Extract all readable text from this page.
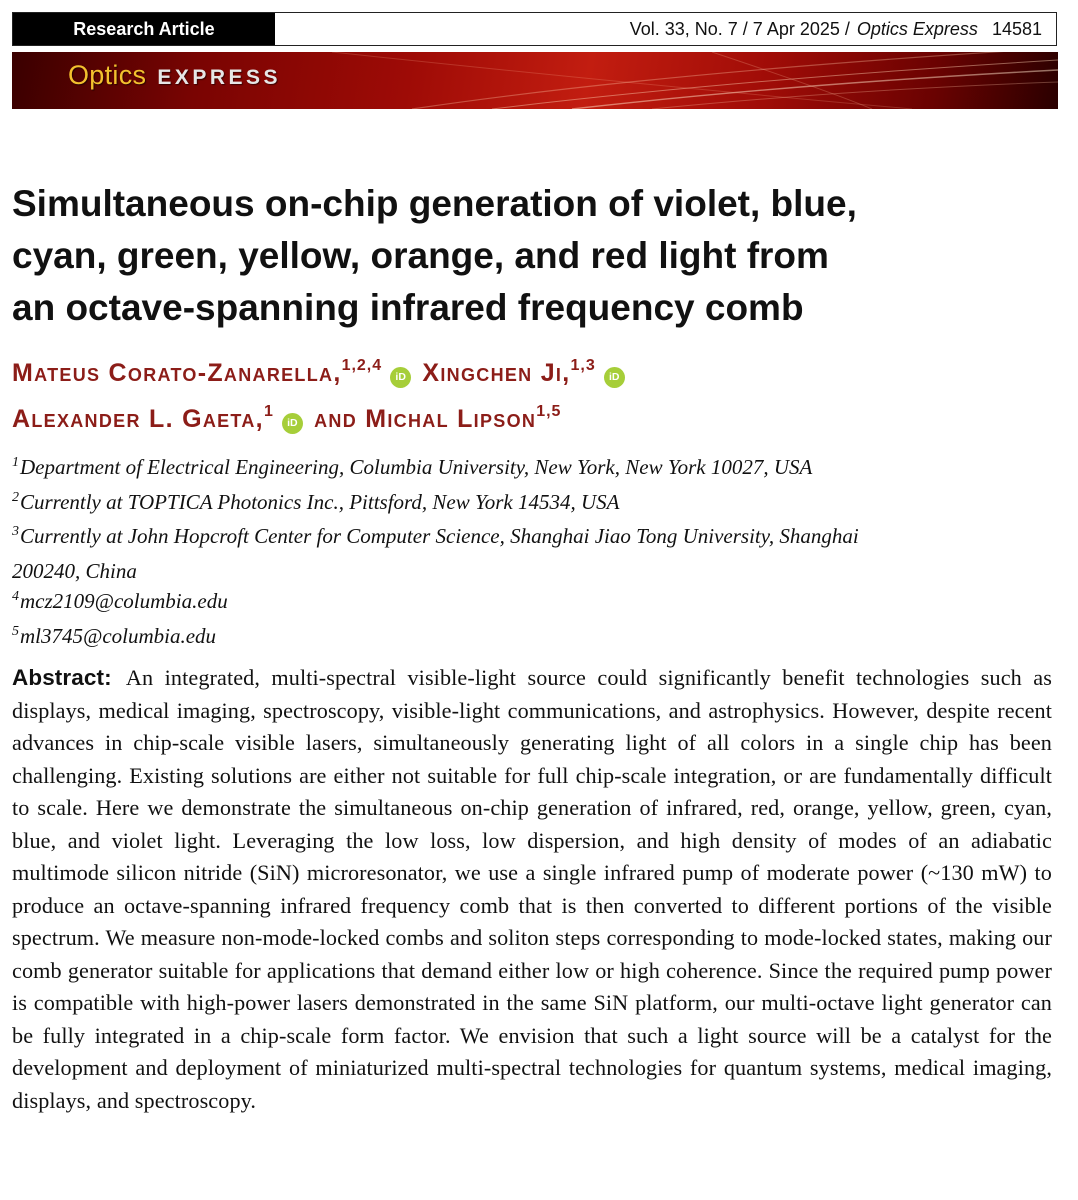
Research Article	Vol. 33, No. 7 / 7 Apr 2025 / Optics Express 14581
Optics EXPRESS
Simultaneous on-chip generation of violet, blue,
cyan, green, yellow, orange, and red light from
an octave-spanning infrared frequency comb
Mateus Corato-Zanarella,$^{1,2,4}$iD Xingchen Ji,$^{1,3}$iD
Alexander L. Gaeta,$^1$iD and Michal Lipson$^{1,5}$
$^1$Department of Electrical Engineering, Columbia University, New York, New York 10027, USA
$^2$Currently at TOPTICA Photonics Inc., Pittsford, New York 14534, USA
$^3$Currently at John Hopcroft Center for Computer Science, Shanghai Jiao Tong University, Shanghai
200240, China
$^4$mcz2109@columbia.edu
$^5$ml3745@columbia.edu

Abstract: An integrated, multi-spectral visible-light source could significantly benefit technologies such as displays, medical imaging, spectroscopy, visible-light communications, and astrophysics. However, despite recent advances in chip-scale visible lasers, simultaneously generating light of all colors in a single chip has been challenging. Existing solutions are either not suitable for full chip-scale integration, or are fundamentally difficult to scale. Here we demonstrate the simultaneous on-chip generation of infrared, red, orange, yellow, green, cyan, blue, and violet light. Leveraging the low loss, low dispersion, and high density of modes of an adiabatic multimode silicon nitride (SiN) microresonator, we use a single infrared pump of moderate power (~130 mW) to produce an octave-spanning infrared frequency comb that is then converted to different portions of the visible spectrum. We measure non-mode-locked combs and soliton steps corresponding to mode-locked states, making our comb generator suitable for applications that demand either low or high coherence. Since the required pump power is compatible with high-power lasers demonstrated in the same SiN platform, our multi-octave light generator can be fully integrated in a chip-scale form factor. We envision that such a light source will be a catalyst for the development and deployment of miniaturized multi-spectral technologies for quantum systems, medical imaging, displays, and spectroscopy.
